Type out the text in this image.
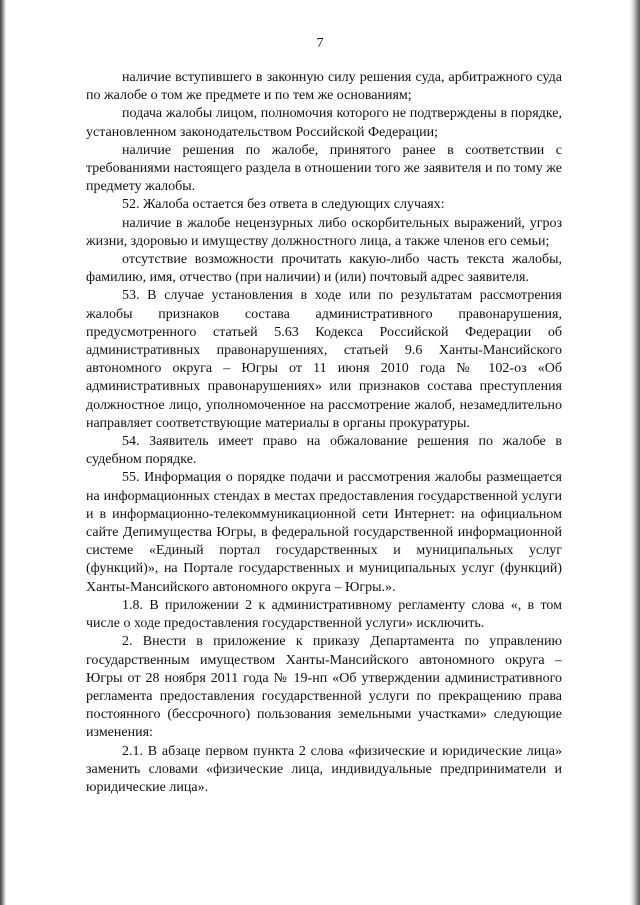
7

наличие вступившего в законную силу решения суда, арбитражного суда по жалобе о том же предмете и по тем же основаниям;

подача жалобы лицом, полномочия которого не подтверждены в порядке, установленном законодательством Российской Федерации;

наличие решения по жалобе, принятого ранее в соответствии с требованиями настоящего раздела в отношении того же заявителя и по тому же предмету жалобы.

52. Жалоба остается без ответа в следующих случаях:

наличие в жалобе нецензурных либо оскорбительных выражений, угроз жизни, здоровью и имуществу должностного лица, а также членов его семьи;

отсутствие возможности прочитать какую-либо часть текста жалобы, фамилию, имя, отчество (при наличии) и (или) почтовый адрес заявителя.

53. В случае установления в ходе или по результатам рассмотрения жалобы признаков состава административного правонарушения, предусмотренного статьей 5.63 Кодекса Российской Федерации об административных правонарушениях, статьей 9.6 Ханты-Мансийского автономного округа – Югры от 11 июня 2010 года № 102-оз «Об административных правонарушениях» или признаков состава преступления должностное лицо, уполномоченное на рассмотрение жалоб, незамедлительно направляет соответствующие материалы в органы прокуратуры.

54. Заявитель имеет право на обжалование решения по жалобе в судебном порядке.

55. Информация о порядке подачи и рассмотрения жалобы размещается на информационных стендах в местах предоставления государственной услуги и в информационно-телекоммуникационной сети Интернет: на официальном сайте Депимущества Югры, в федеральной государственной информационной системе «Единый портал государственных и муниципальных услуг (функций)», на Портале государственных и муниципальных услуг (функций) Ханты-Мансийского автономного округа – Югры.».

1.8. В приложении 2 к административному регламенту слова «, в том числе о ходе предоставления государственной услуги» исключить.

2. Внести в приложение к приказу Департамента по управлению государственным имуществом Ханты-Мансийского автономного округа – Югры от 28 ноября 2011 года № 19-нп «Об утверждении административного регламента предоставления государственной услуги по прекращению права постоянного (бессрочного) пользования земельными участками» следующие изменения:

2.1. В абзаце первом пункта 2 слова «физические и юридические лица» заменить словами «физические лица, индивидуальные предприниматели и юридические лица».
